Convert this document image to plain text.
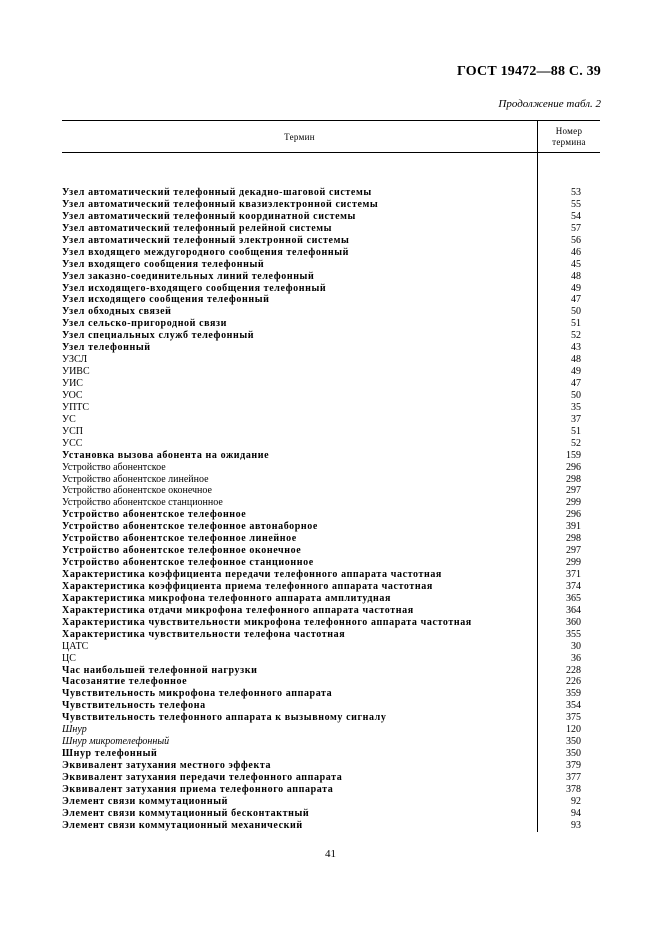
ГОСТ 19472—88 С. 39
Продолжение табл. 2
Термин
Номер
термина
Узел автоматический телефонный декадно-шаговой системы
Узел автоматический телефонный квазиэлектронной системы
Узел автоматический телефонный координатной системы
Узел автоматический телефонный релейной системы
Узел автоматический телефонный электронной системы
Узел входящего междугородного сообщения телефонный
Узел входящего сообщения телефонный
Узел заказно-соединительных линий телефонный
Узел исходящего-входящего сообщения телефонный
Узел исходящего сообщения телефонный
Узел обходных связей
Узел сельско-пригородной связи
Узел специальных служб телефонный
Узел телефонный
УЗСЛ
УИВС
УИС
УОС
УПТС
УС
УСП
УСС
Установка вызова абонента на ожидание
Устройство абонентское
Устройство абонентское линейное
Устройство абонентское оконечное
Устройство абонентское станционное
Устройство абонентское телефонное
Устройство абонентское телефонное автонаборное
Устройство абонентское телефонное линейное
Устройство абонентское телефонное оконечное
Устройство абонентское телефонное станционное
Характеристика коэффициента передачи телефонного аппарата частотная
Характеристика коэффициента приема телефонного аппарата частотная
Характеристика микрофона телефонного аппарата амплитудная
Характеристика отдачи микрофона телефонного аппарата частотная
Характеристика чувствительности микрофона телефонного аппарата частотная
Характеристика чувствительности телефона частотная
ЦАТС
ЦС
Час наибольшей телефонной нагрузки
Часозанятие телефонное
Чувствительность микрофона телефонного аппарата
Чувствительность телефона
Чувствительность телефонного аппарата к вызывному сигналу
Шнур
Шнур микротелефонный
Шнур телефонный
Эквивалент затухания местного эффекта
Эквивалент затухания передачи телефонного аппарата
Эквивалент затухания приема телефонного аппарата
Элемент связи коммутационный
Элемент связи коммутационный бесконтактный
Элемент связи коммутационный механический
53
55
54
57
56
46
45
48
49
47
50
51
52
43
48
49
47
50
35
37
51
52
159
296
298
297
299
296
391
298
297
299
371
374
365
364
360
355
30
36
228
226
359
354
375
120
350
350
379
377
378
92
94
93
41
